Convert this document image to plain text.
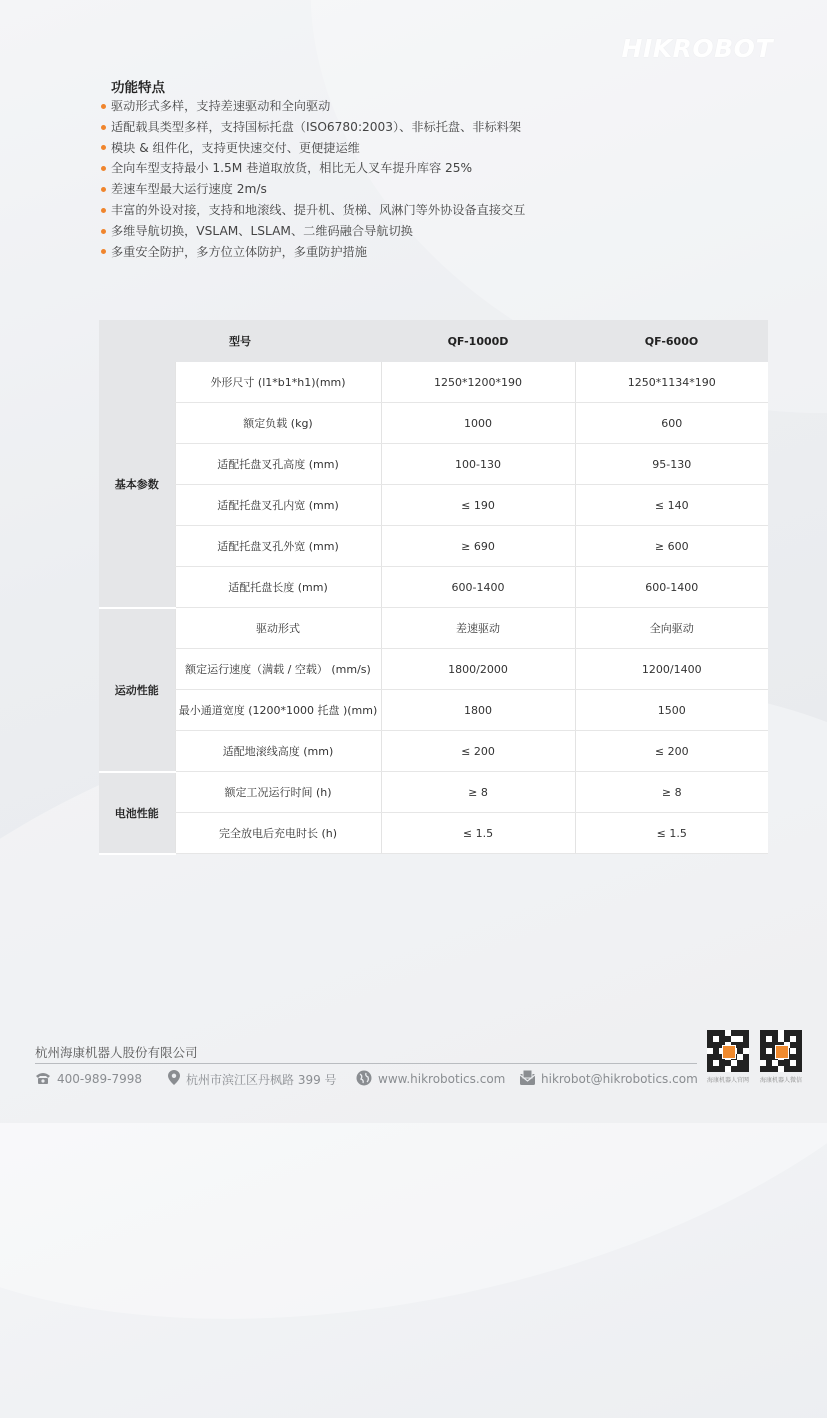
HIKROBOT
功能特点
驱动形式多样，支持差速驱动和全向驱动
适配载具类型多样，支持国标托盘（ISO6780:2003）、非标托盘、非标料架
模块 & 组件化，支持更快速交付、更便捷运维
全向车型支持最小 1.5M 巷道取放货，相比无人叉车提升库容 25%
差速车型最大运行速度 2m/s
丰富的外设对接，支持和地滚线、提升机、货梯、风淋门等外协设备直接交互
多维导航切换，VSLAM、LSLAM、二维码融合导航切换
多重安全防护，多方位立体防护，多重防护措施
型号		QF-1000D	QF-600O
基本参数	外形尺寸 (l1*b1*h1)(mm)	1250*1200*190	1250*1134*190
	额定负载 (kg)	1000	600
	适配托盘叉孔高度 (mm)	100-130	95-130
	适配托盘叉孔内宽 (mm)	≤ 190	≤ 140
	适配托盘叉孔外宽 (mm)	≥ 690	≥ 600
	适配托盘长度 (mm)	600-1400	600-1400
运动性能	驱动形式	差速驱动	全向驱动
	额定运行速度（满载 / 空载） (mm/s)	1800/2000	1200/1400
	最小通道宽度 (1200*1000 托盘 )(mm)	1800	1500
	适配地滚线高度 (mm)	≤ 200	≤ 200
电池性能	额定工况运行时间 (h)	≥ 8	≥ 8
	完全放电后充电时长 (h)	≤ 1.5	≤ 1.5
杭州海康机器人股份有限公司
400-989-7998	杭州市滨江区丹枫路 399 号	www.hikrobotics.com	hikrobot@hikrobotics.com	海康机器人官网	海康机器人微信
